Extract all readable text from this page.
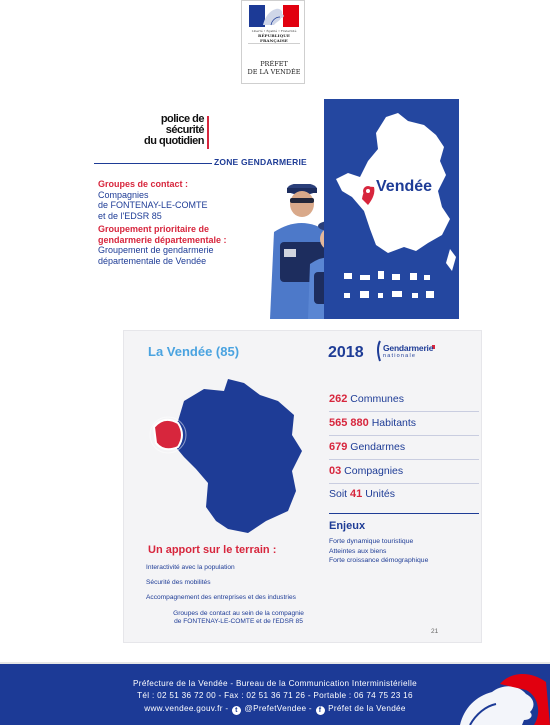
Liberté • Égalité • Fraternité
RÉPUBLIQUE FRANÇAISE
PRÉFET
DE LA VENDÉE
police de
sécurité
du quotidien
ZONE GENDARMERIE
Groupes de contact :
Compagnies
de FONTENAY-LE-COMTE
et de l'EDSR 85
Groupement prioritaire de
gendarmerie départementale :
Groupement de gendarmerie
départementale de Vendée
Vendée
La Vendée (85)	2018 Gendarmerie
nationale
262 Communes
565 880 Habitants
679 Gendarmes
03 Compagnies
Soit 41 Unités
Enjeux
Forte dynamique touristique
Atteintes aux biens
Forte croissance démographique
Un apport sur le terrain :
Interactivité avec la population
Sécurité des mobilités
Accompagnement des entreprises et des industries
Groupes de contact au sein de la compagnie
de FONTENAY-LE-COMTE et de l'EDSR 85
21
Préfecture de la Vendée - Bureau de la Communication Interministérielle
Tél : 02 51 36 72 00 - Fax : 02 51 36 71 26 - Portable : 06 74 75 23 16
www.vendee.gouv.fr - t @PrefetVendee - f Préfet de la Vendée
